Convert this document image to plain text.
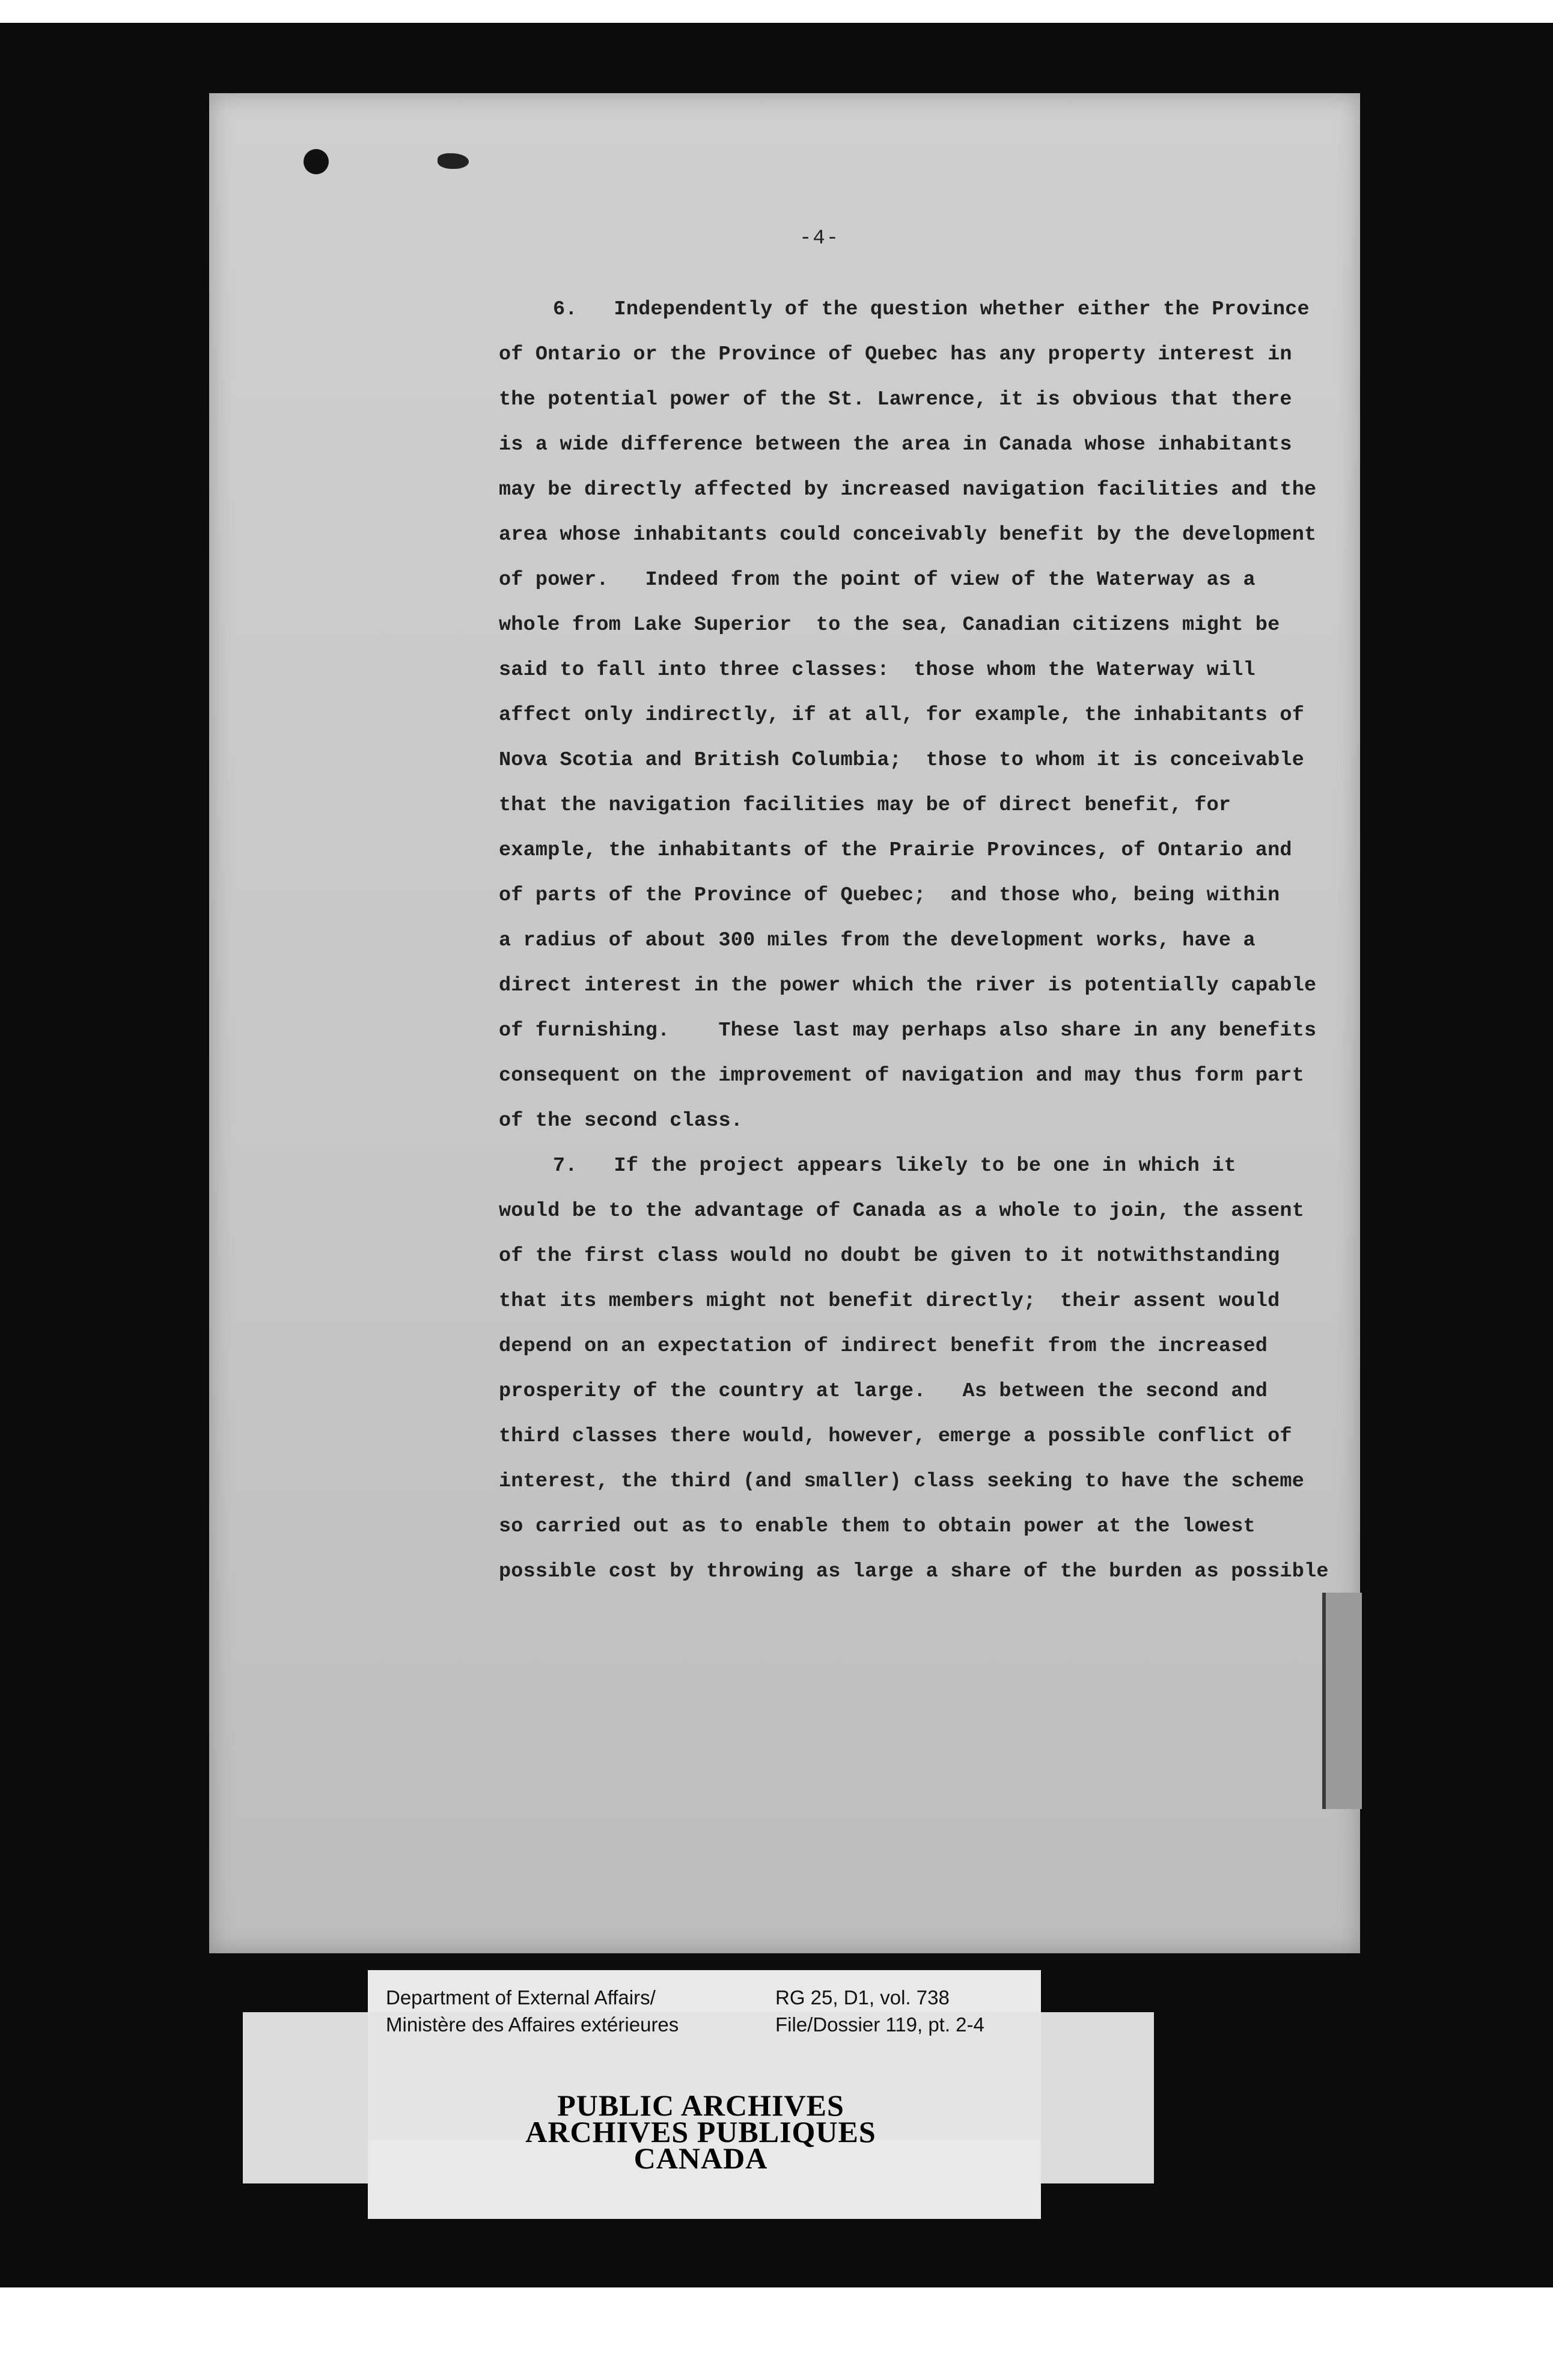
-4-
6.   Independently of the question whether either the Province
of Ontario or the Province of Quebec has any property interest in
the potential power of the St. Lawrence, it is obvious that there
is a wide difference between the area in Canada whose inhabitants
may be directly affected by increased navigation facilities and the
area whose inhabitants could conceivably benefit by the development
of power.   Indeed from the point of view of the Waterway as a
whole from Lake Superior  to the sea, Canadian citizens might be
said to fall into three classes:  those whom the Waterway will
affect only indirectly, if at all, for example, the inhabitants of
Nova Scotia and British Columbia;  those to whom it is conceivable
that the navigation facilities may be of direct benefit, for
example, the inhabitants of the Prairie Provinces, of Ontario and
of parts of the Province of Quebec;  and those who, being within
a radius of about 300 miles from the development works, have a
direct interest in the power which the river is potentially capable
of furnishing.    These last may perhaps also share in any benefits
consequent on the improvement of navigation and may thus form part
of the second class.
7.   If the project appears likely to be one in which it
would be to the advantage of Canada as a whole to join, the assent
of the first class would no doubt be given to it notwithstanding
that its members might not benefit directly;  their assent would
depend on an expectation of indirect benefit from the increased
prosperity of the country at large.   As between the second and
third classes there would, however, emerge a possible conflict of
interest, the third (and smaller) class seeking to have the scheme
so carried out as to enable them to obtain power at the lowest
possible cost by throwing as large a share of the burden as possible
Department of External Affairs/
Ministère des Affaires extérieures
RG 25, D1, vol. 738
File/Dossier 119, pt. 2-4
PUBLIC ARCHIVES
ARCHIVES PUBLIQUES
CANADA
